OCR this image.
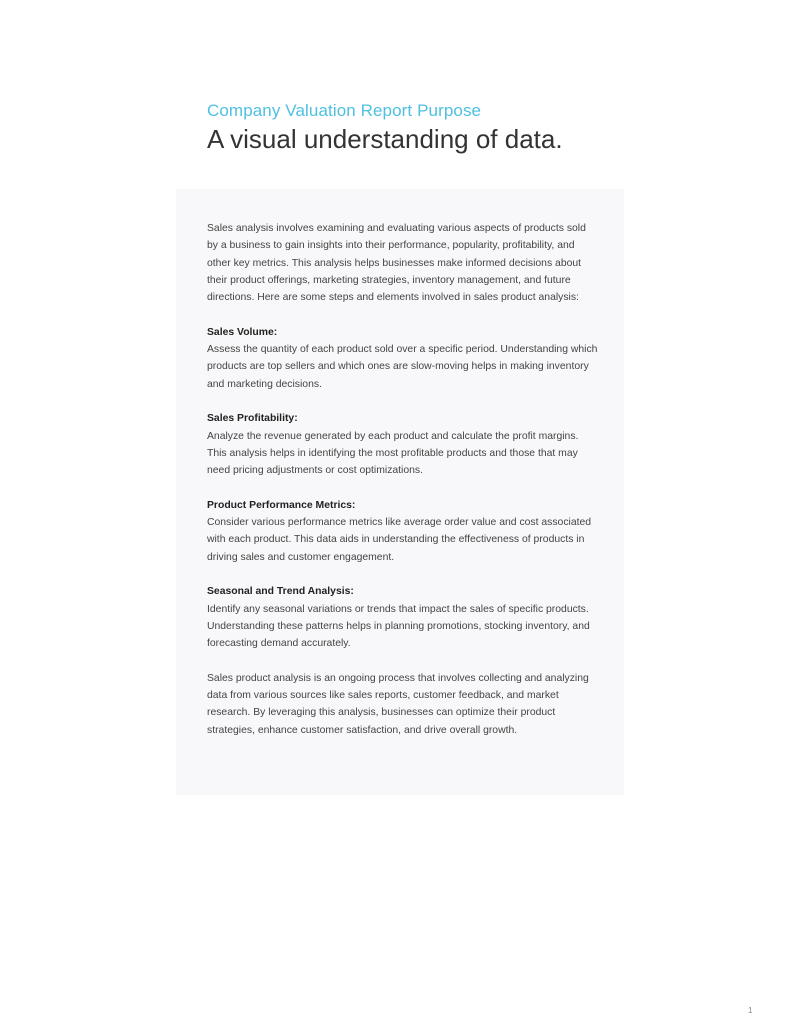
Company Valuation Report Purpose
A visual understanding of data.

Sales analysis involves examining and evaluating various aspects of products sold by a business to gain insights into their performance, popularity, profitability, and other key metrics. This analysis helps businesses make informed decisions about their product offerings, marketing strategies, inventory management, and future directions. Here are some steps and elements involved in sales product analysis:

Sales Volume:
Assess the quantity of each product sold over a specific period. Understanding which products are top sellers and which ones are slow-moving helps in making inventory and marketing decisions.

Sales Profitability:
Analyze the revenue generated by each product and calculate the profit margins. This analysis helps in identifying the most profitable products and those that may need pricing adjustments or cost optimizations.

Product Performance Metrics:
Consider various performance metrics like average order value and cost associated with each product. This data aids in understanding the effectiveness of products in driving sales and customer engagement.

Seasonal and Trend Analysis:
Identify any seasonal variations or trends that impact the sales of specific products. Understanding these patterns helps in planning promotions, stocking inventory, and forecasting demand accurately.

Sales product analysis is an ongoing process that involves collecting and analyzing data from various sources like sales reports, customer feedback, and market research. By leveraging this analysis, businesses can optimize their product strategies, enhance customer satisfaction, and drive overall growth.

1
